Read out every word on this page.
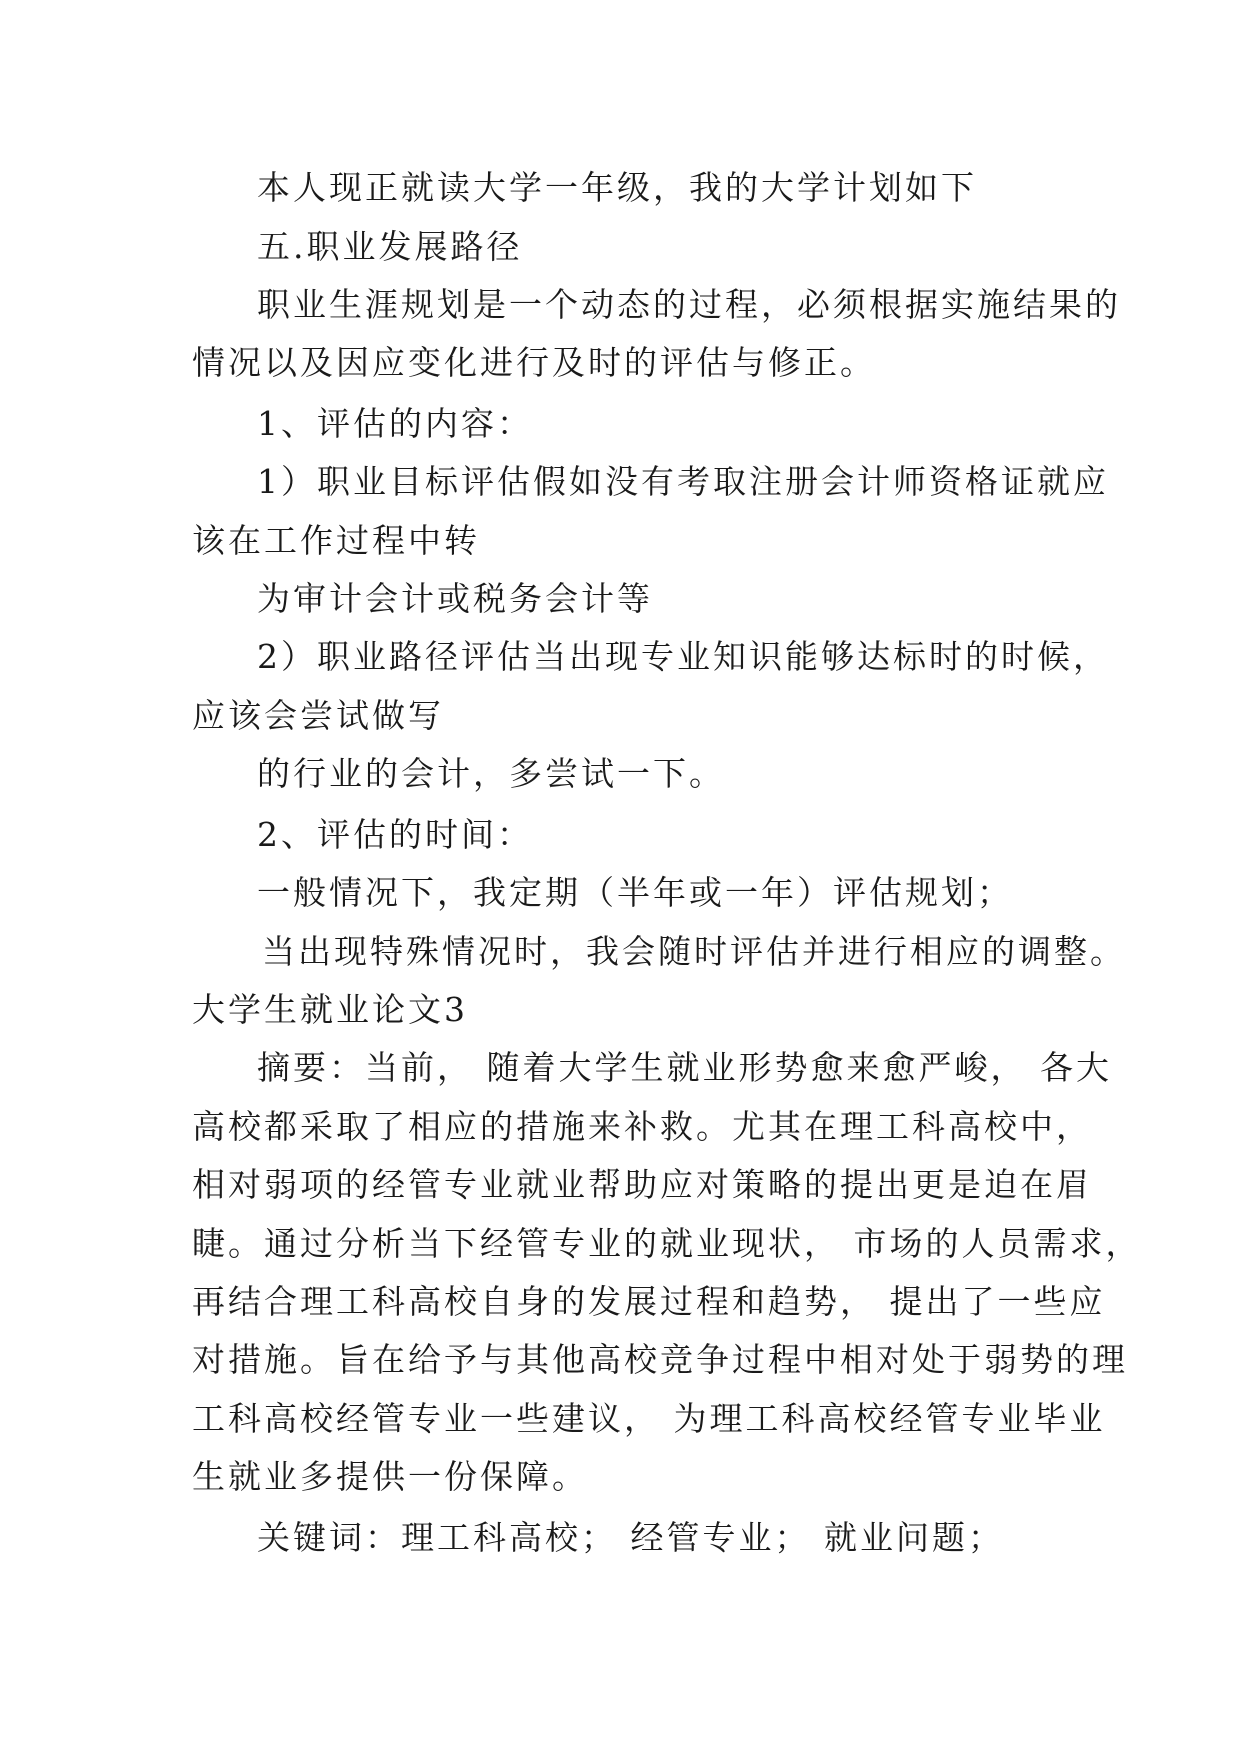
本人现正就读大学一年级，我的大学计划如下
五.职业发展路径
职业生涯规划是一个动态的过程，必须根据实施结果的
情况以及因应变化进行及时的评估与修正。
1、评估的内容：
1）职业目标评估假如没有考取注册会计师资格证就应
该在工作过程中转
为审计会计或税务会计等
2）职业路径评估当出现专业知识能够达标时的时候，
应该会尝试做写
的行业的会计，多尝试一下。
2、评估的时间：
一般情况下，我定期（半年或一年）评估规划；
当出现特殊情况时，我会随时评估并进行相应的调整。
大学生就业论文3
摘要：当前， 随着大学生就业形势愈来愈严峻， 各大
高校都采取了相应的措施来补救。尤其在理工科高校中，
相对弱项的经管专业就业帮助应对策略的提出更是迫在眉
睫。通过分析当下经管专业的就业现状， 市场的人员需求，
再结合理工科高校自身的发展过程和趋势， 提出了一些应
对措施。旨在给予与其他高校竞争过程中相对处于弱势的理
工科高校经管专业一些建议， 为理工科高校经管专业毕业
生就业多提供一份保障。
关键词：理工科高校； 经管专业； 就业问题；
